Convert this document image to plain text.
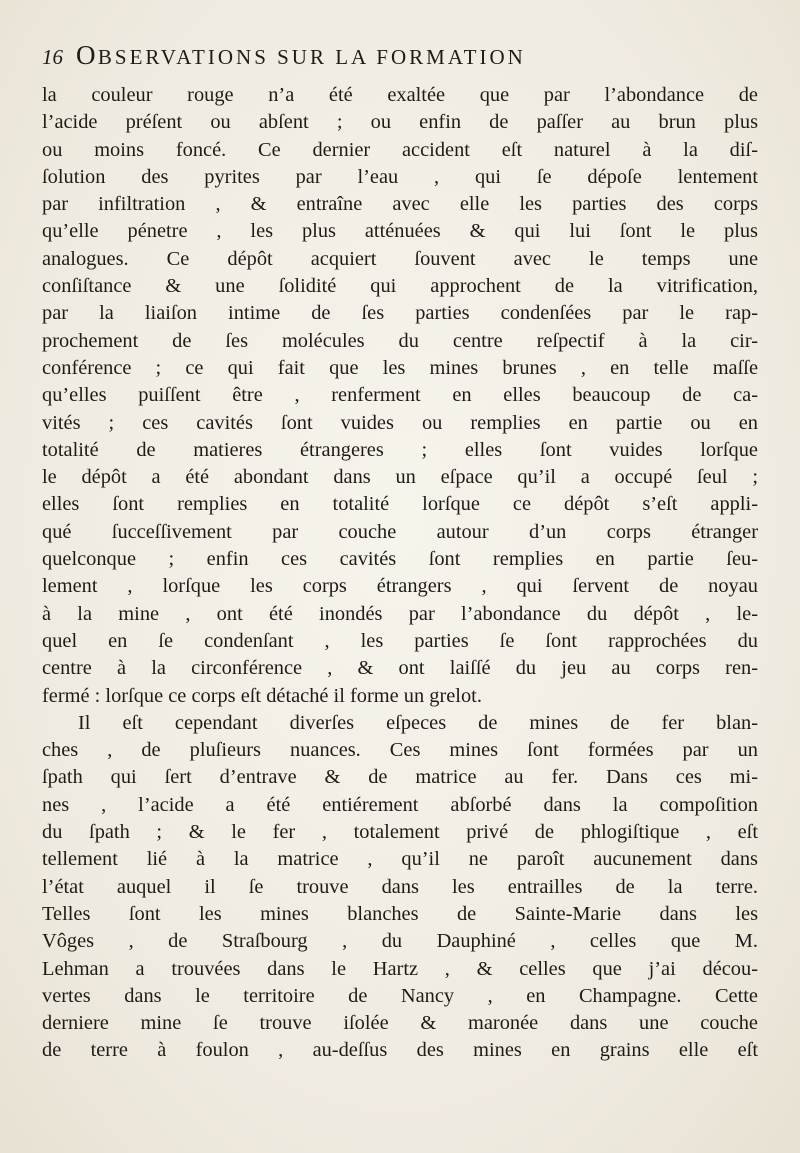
16 OBSERVATIONS SUR LA FORMATION
la couleur rouge n’a été exaltée que par l’abondance de
l’acide préſent ou abſent ; ou enfin de paſſer au brun plus
ou moins foncé. Ce dernier accident eſt naturel à la diſ-
ſolution des pyrites par l’eau , qui ſe dépoſe lentement
par infiltration , & entraîne avec elle les parties des corps
qu’elle pénetre , les plus atténuées & qui lui ſont le plus
analogues. Ce dépôt acquiert ſouvent avec le temps une
conſiſtance & une ſolidité qui approchent de la vitrification,
par la liaiſon intime de ſes parties condenſées par le rap-
prochement de ſes molécules du centre reſpectif à la cir-
conférence ; ce qui fait que les mines brunes , en telle maſſe
qu’elles puiſſent être , renferment en elles beaucoup de ca-
vités ; ces cavités ſont vuides ou remplies en partie ou en
totalité de matieres étrangeres ; elles ſont vuides lorſque
le dépôt a été abondant dans un eſpace qu’il a occupé ſeul ;
elles ſont remplies en totalité lorſque ce dépôt s’eſt appli-
qué ſucceſſivement par couche autour d’un corps étranger
quelconque ; enfin ces cavités ſont remplies en partie ſeu-
lement , lorſque les corps étrangers , qui ſervent de noyau
à la mine , ont été inondés par l’abondance du dépôt , le-
quel en ſe condenſant , les parties ſe ſont rapprochées du
centre à la circonférence , & ont laiſſé du jeu au corps ren-
fermé : lorſque ce corps eſt détaché il forme un grelot.
Il eſt cependant diverſes eſpeces de mines de fer blan-
ches , de pluſieurs nuances. Ces mines ſont formées par un
ſpath qui ſert d’entrave & de matrice au fer. Dans ces mi-
nes , l’acide a été entiérement abſorbé dans la compoſition
du ſpath ; & le fer , totalement privé de phlogiſtique , eſt
tellement lié à la matrice , qu’il ne paroît aucunement dans
l’état auquel il ſe trouve dans les entrailles de la terre.
Telles ſont les mines blanches de Sainte-Marie dans les
Vôges , de Straſbourg , du Dauphiné , celles que M.
Lehman a trouvées dans le Hartz , & celles que j’ai décou-
vertes dans le territoire de Nancy , en Champagne. Cette
derniere mine ſe trouve iſolée & maronée dans une couche
de terre à foulon , au-deſſus des mines en grains elle eſt
